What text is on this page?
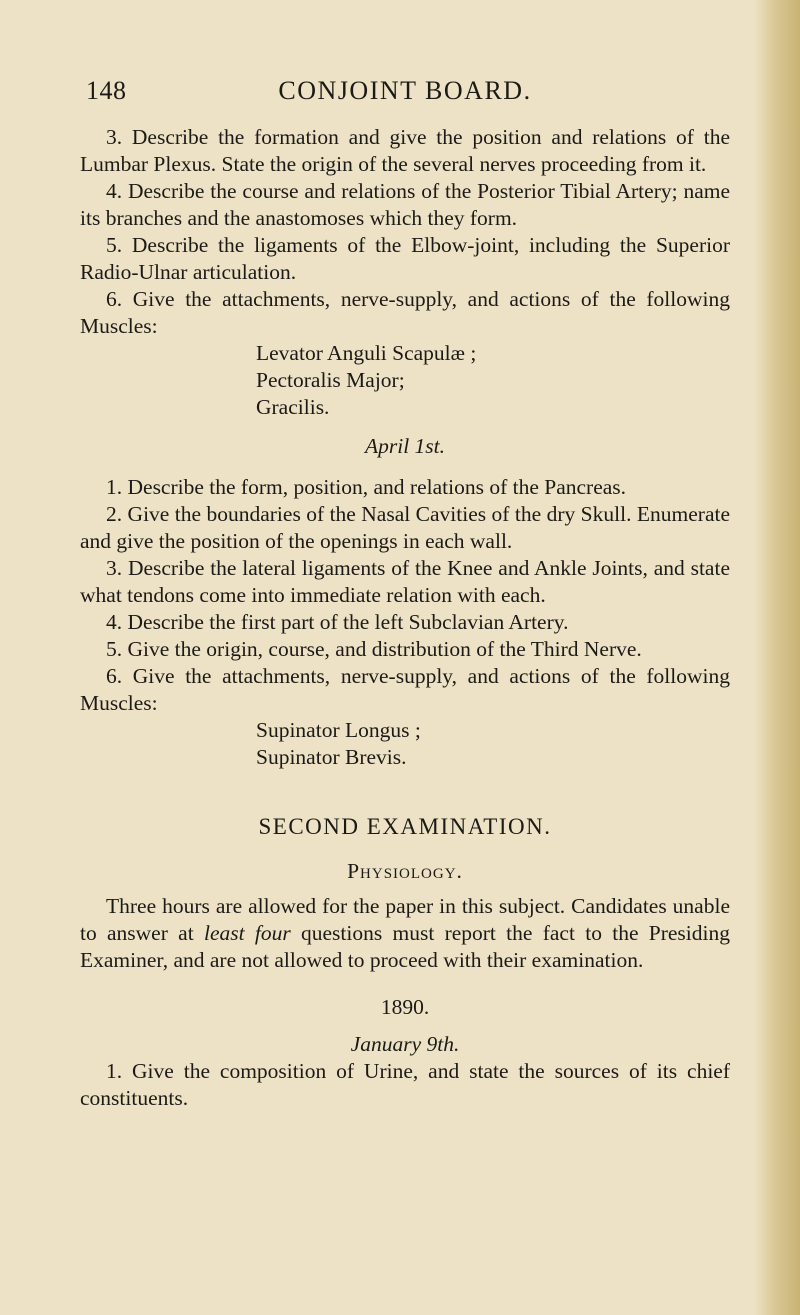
148	CONJOINT BOARD.

3. Describe the formation and give the position and relations of the Lumbar Plexus. State the origin of the several nerves proceeding from it.

4. Describe the course and relations of the Posterior Tibial Artery; name its branches and the anastomoses which they form.

5. Describe the ligaments of the Elbow-joint, including the Superior Radio-Ulnar articulation.

6. Give the attachments, nerve-supply, and actions of the following Muscles:

Levator Anguli Scapulæ ;

Pectoralis Major;

Gracilis.

April 1st.

1. Describe the form, position, and relations of the Pancreas.

2. Give the boundaries of the Nasal Cavities of the dry Skull. Enumerate and give the position of the openings in each wall.

3. Describe the lateral ligaments of the Knee and Ankle Joints, and state what tendons come into immediate relation with each.

4. Describe the first part of the left Subclavian Artery.

5. Give the origin, course, and distribution of the Third Nerve.

6. Give the attachments, nerve-supply, and actions of the following Muscles:

Supinator Longus ;

Supinator Brevis.

SECOND EXAMINATION.

Physiology.

Three hours are allowed for the paper in this subject. Candidates unable to answer at least four questions must report the fact to the Presiding Examiner, and are not allowed to proceed with their examination.

1890.

January 9th.

1. Give the composition of Urine, and state the sources of its chief constituents.
